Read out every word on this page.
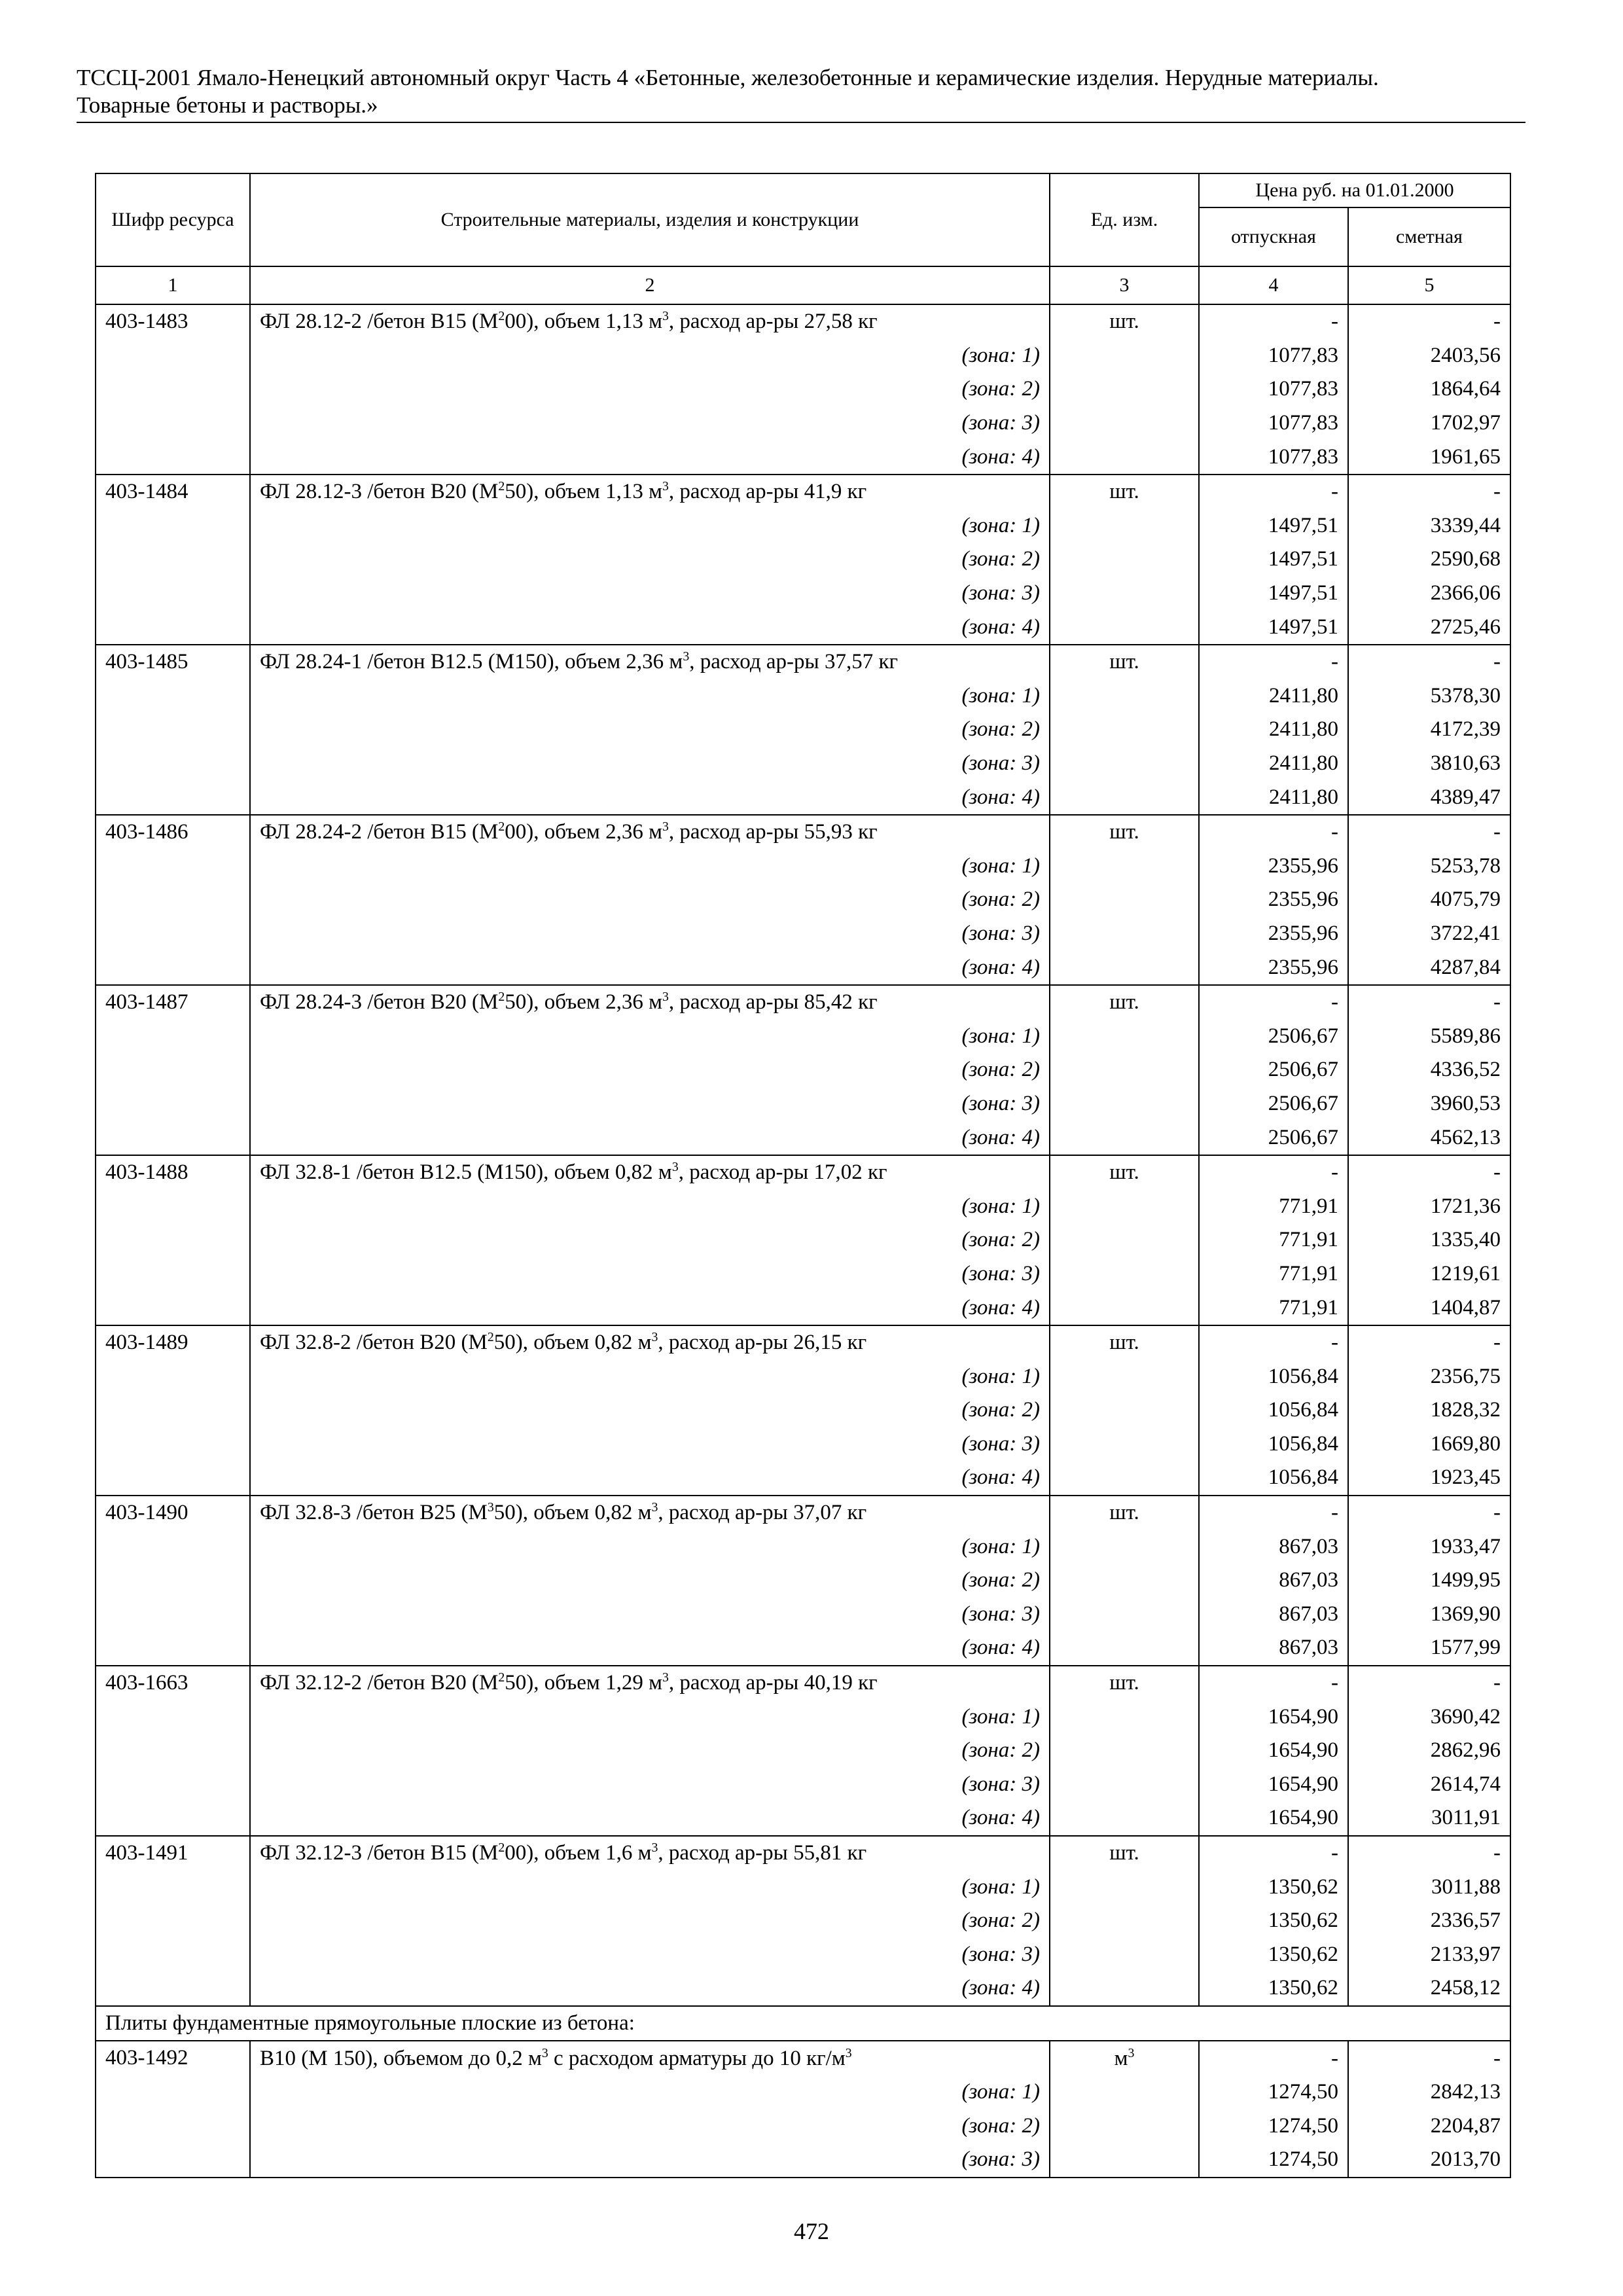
ТССЦ-2001 Ямало-Ненецкий автономный округ Часть 4 «Бетонные, железобетонные и керамические изделия. Нерудные материалы.
Товарные бетоны и растворы.»
Шифр ресурса	Строительные материалы, изделия и конструкции	Ед. изм.	Цена руб. на 01.01.2000	
			отпускная	сметная
1	2	3	4	5
403-1483	ФЛ 28.12-2 /бетон В15 $(М^200)$, объем 1,13 $м^3$, расход ар-ры 27,58 кг	шт.	-	-
	(зона: 1)		1077,83	2403,56
	(зона: 2)		1077,83	1864,64
	(зона: 3)		1077,83	1702,97
	(зона: 4)		1077,83	1961,65
403-1484	ФЛ 28.12-3 /бетон В20 $(М^250)$, объем 1,13 $м^3$, расход ар-ры 41,9 кг	шт.	-	-
	(зона: 1)		1497,51	3339,44
	(зона: 2)		1497,51	2590,68
	(зона: 3)		1497,51	2366,06
	(зона: 4)		1497,51	2725,46
403-1485	ФЛ 28.24-1 /бетон В12.5 (М150), объем 2,36 $м^3$, расход ар-ры 37,57 кг	шт.	-	-
	(зона: 1)		2411,80	5378,30
	(зона: 2)		2411,80	4172,39
	(зона: 3)		2411,80	3810,63
	(зона: 4)		2411,80	4389,47
403-1486	ФЛ 28.24-2 /бетон В15 $(М^200)$, объем 2,36 $м^3$, расход ар-ры 55,93 кг	шт.	-	-
	(зона: 1)		2355,96	5253,78
	(зона: 2)		2355,96	4075,79
	(зона: 3)		2355,96	3722,41
	(зона: 4)		2355,96	4287,84
403-1487	ФЛ 28.24-3 /бетон В20 $(М^250)$, объем 2,36 $м^3$, расход ар-ры 85,42 кг	шт.	-	-
	(зона: 1)		2506,67	5589,86
	(зона: 2)		2506,67	4336,52
	(зона: 3)		2506,67	3960,53
	(зона: 4)		2506,67	4562,13
403-1488	ФЛ 32.8-1 /бетон В12.5 (М150), объем 0,82 $м^3$, расход ар-ры 17,02 кг	шт.	-	-
	(зона: 1)		771,91	1721,36
	(зона: 2)		771,91	1335,40
	(зона: 3)		771,91	1219,61
	(зона: 4)		771,91	1404,87
403-1489	ФЛ 32.8-2 /бетон В20 $(М^250)$, объем 0,82 $м^3$, расход ар-ры 26,15 кг	шт.	-	-
	(зона: 1)		1056,84	2356,75
	(зона: 2)		1056,84	1828,32
	(зона: 3)		1056,84	1669,80
	(зона: 4)		1056,84	1923,45
403-1490	ФЛ 32.8-3 /бетон В25 $(М^350)$, объем 0,82 $м^3$, расход ар-ры 37,07 кг	шт.	-	-
	(зона: 1)		867,03	1933,47
	(зона: 2)		867,03	1499,95
	(зона: 3)		867,03	1369,90
	(зона: 4)		867,03	1577,99
403-1663	ФЛ 32.12-2 /бетон В20 $(М^250)$, объем 1,29 $м^3$, расход ар-ры 40,19 кг	шт.	-	-
	(зона: 1)		1654,90	3690,42
	(зона: 2)		1654,90	2862,96
	(зона: 3)		1654,90	2614,74
	(зона: 4)		1654,90	3011,91
403-1491	ФЛ 32.12-3 /бетон В15 $(М^200)$, объем 1,6 $м^3$, расход ар-ры 55,81 кг	шт.	-	-
	(зона: 1)		1350,62	3011,88
	(зона: 2)		1350,62	2336,57
	(зона: 3)		1350,62	2133,97
	(зона: 4)		1350,62	2458,12
Плиты фундаментные прямоугольные плоские из бетона:				
403-1492	В10 (М 150), объемом до 0,2 $м^3$ с расходом арматуры до 10 $кг/м^3$	$м^3$	-	-
	(зона: 1)		1274,50	2842,13
	(зона: 2)		1274,50	2204,87
	(зона: 3)		1274,50	2013,70
472
